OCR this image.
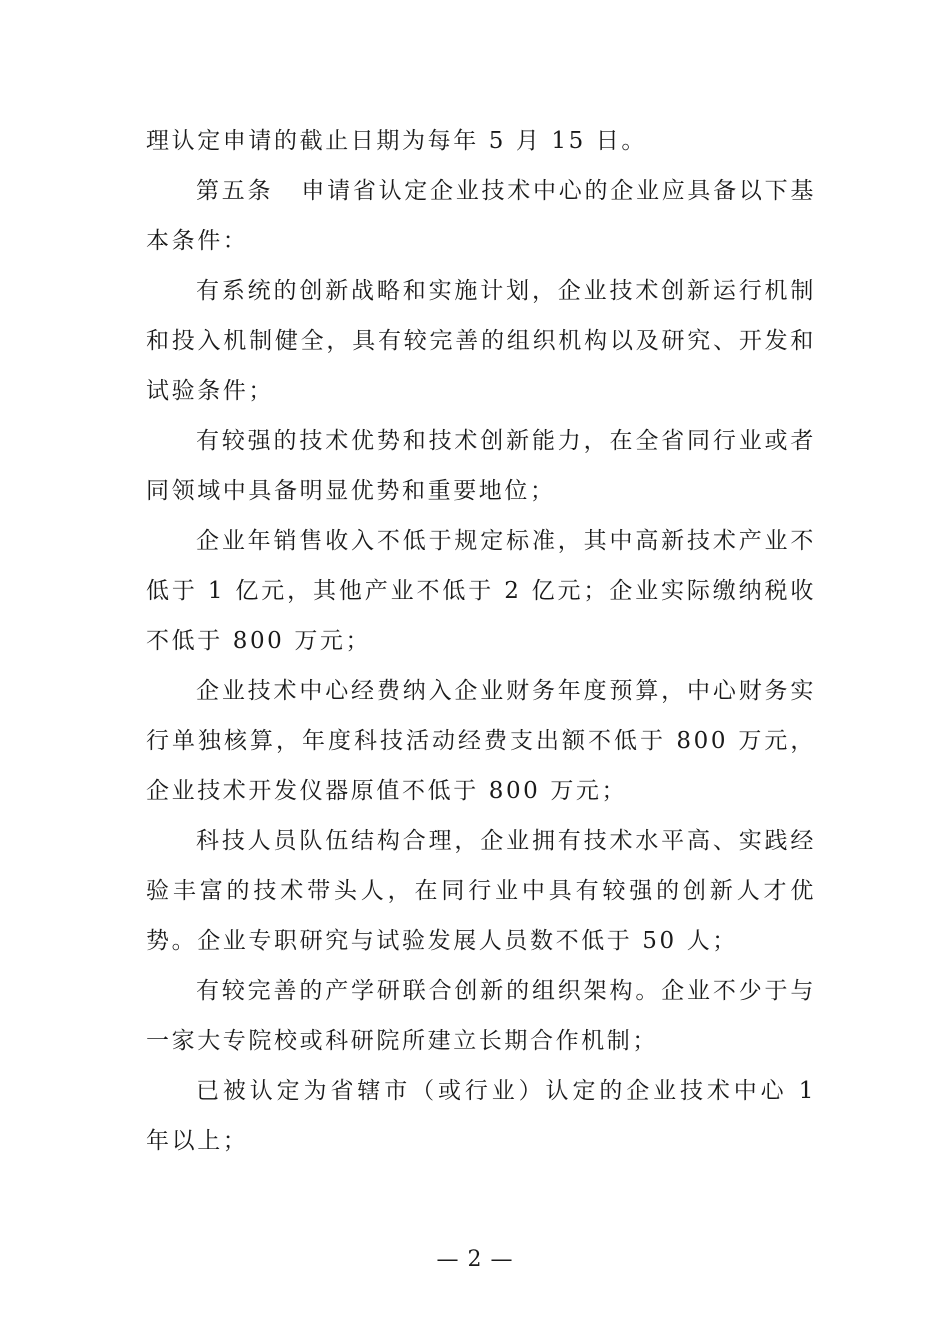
理认定申请的截止日期为每年 5 月 15 日。

第五条 申请省认定企业技术中心的企业应具备以下基本条件：

有系统的创新战略和实施计划，企业技术创新运行机制和投入机制健全，具有较完善的组织机构以及研究、开发和试验条件；

有较强的技术优势和技术创新能力，在全省同行业或者同领域中具备明显优势和重要地位；

企业年销售收入不低于规定标准，其中高新技术产业不低于 1 亿元，其他产业不低于 2 亿元；企业实际缴纳税收不低于 800 万元；

企业技术中心经费纳入企业财务年度预算，中心财务实行单独核算，年度科技活动经费支出额不低于 800 万元，企业技术开发仪器原值不低于 800 万元；

科技人员队伍结构合理，企业拥有技术水平高、实践经验丰富的技术带头人，在同行业中具有较强的创新人才优势。企业专职研究与试验发展人员数不低于 50 人；

有较完善的产学研联合创新的组织架构。企业不少于与一家大专院校或科研院所建立长期合作机制；

已被认定为省辖市（或行业）认定的企业技术中心 1 年以上；

— 2 —
